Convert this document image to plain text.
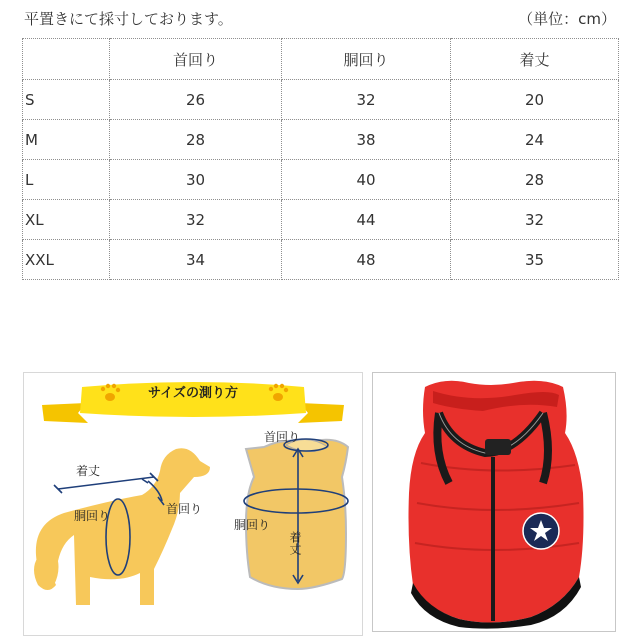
平置きにて採寸しております。	（単位：cm）
	首回り	胴回り	着丈
S	26	32	20
M	28	38	24
L	30	40	28
XL	32	44	32
XXL	34	48	35
サイズの測り方
着丈
胴回り	首回り
首回り
胴回り
着丈
